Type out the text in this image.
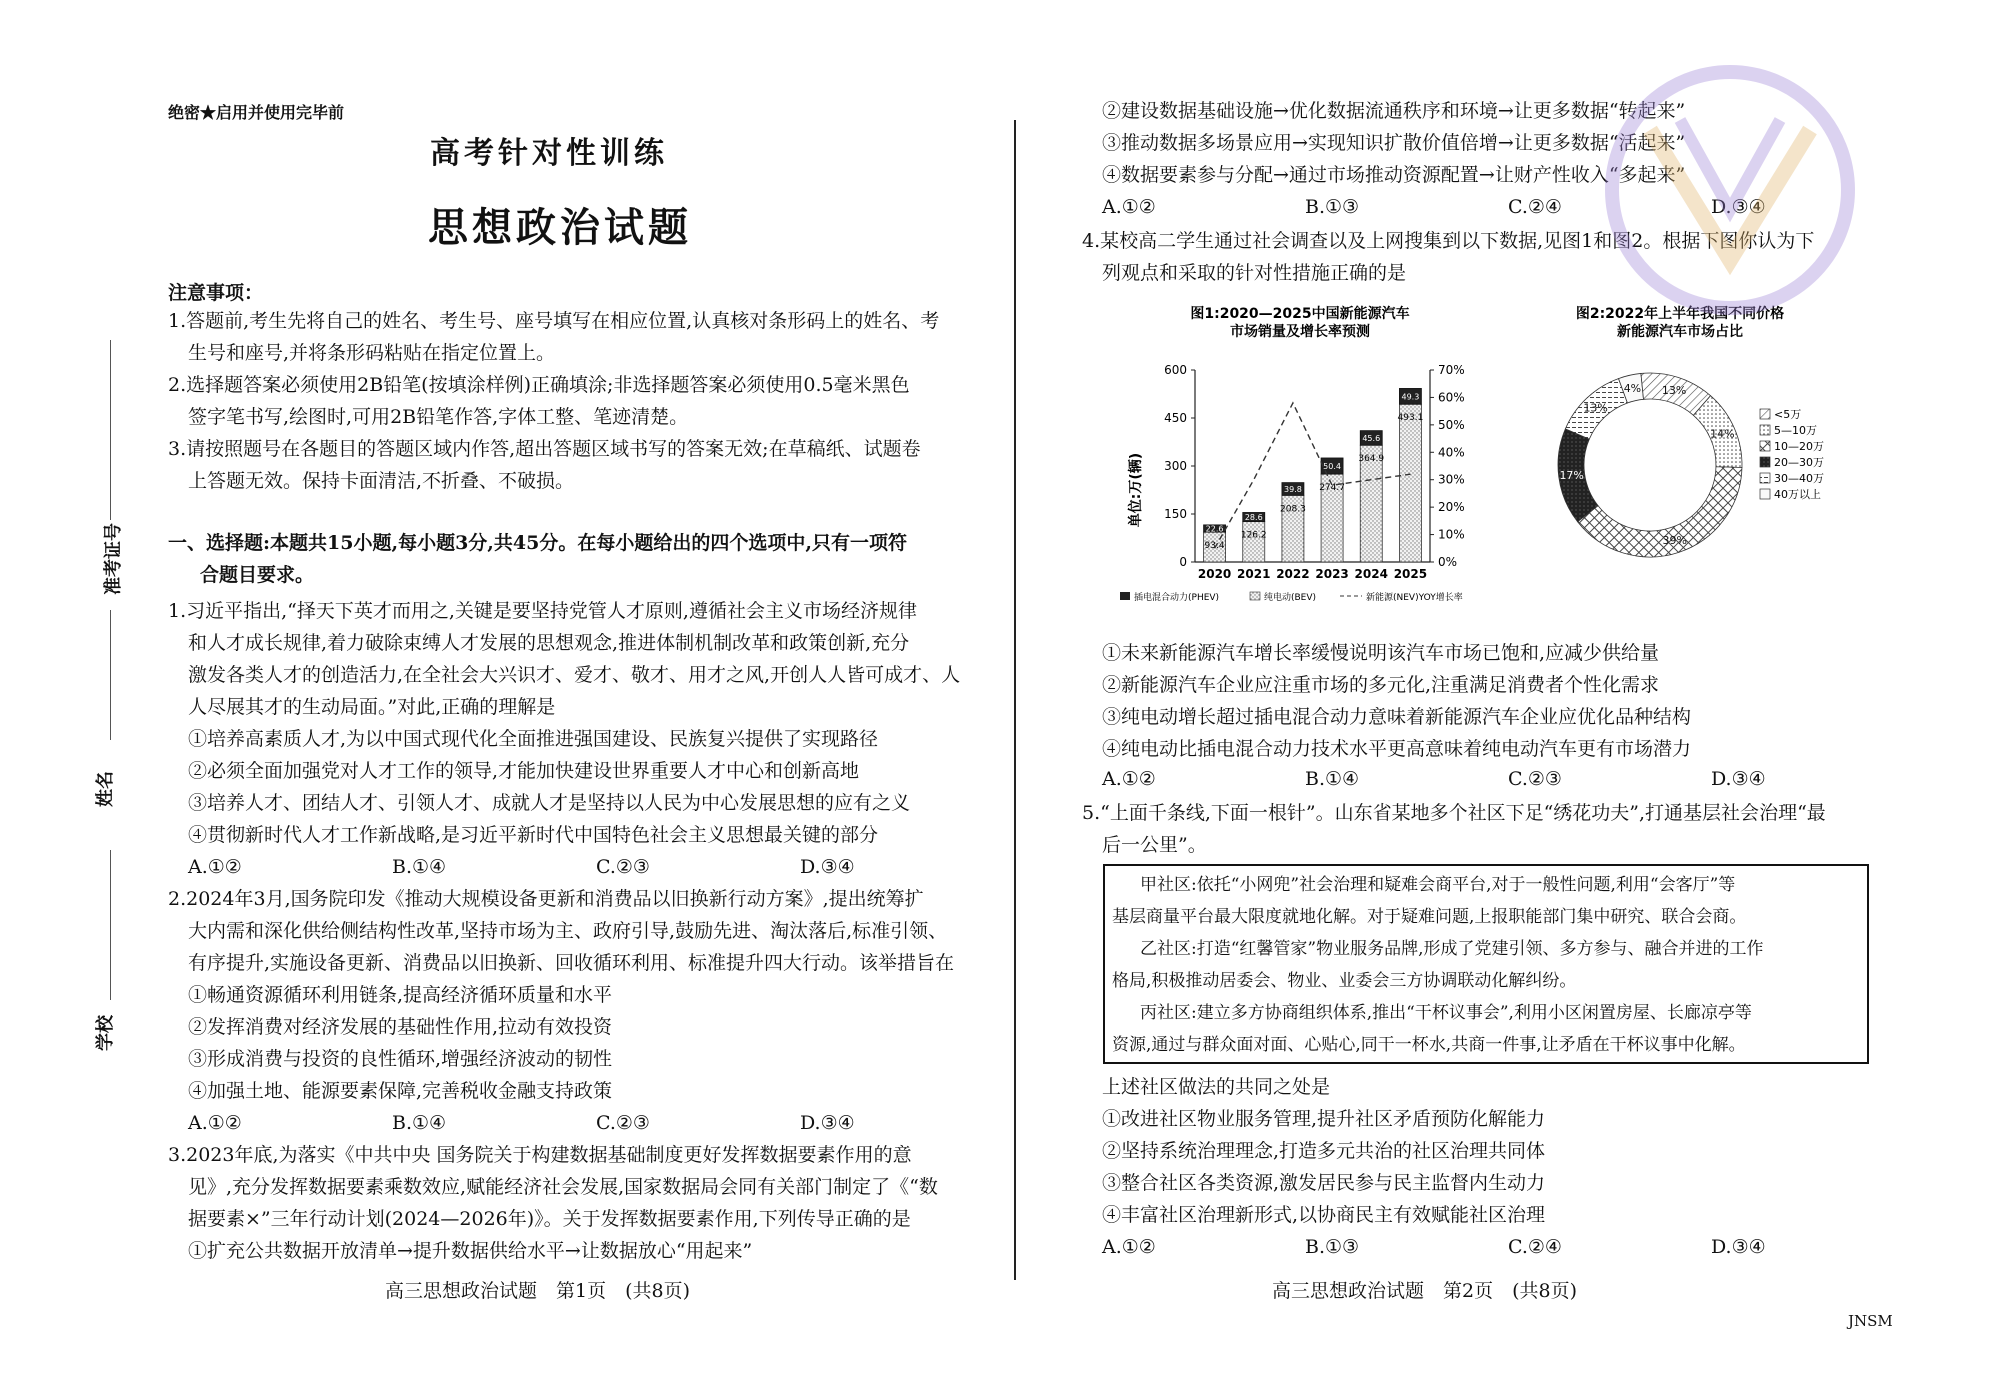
绝密★启用并使用完毕前
高考针对性训练
思想政治试题
准考证号
姓名
学校
注意事项：
1.答题前,考生先将自己的姓名、考生号、座号填写在相应位置,认真核对条形码上的姓名、考
生号和座号,并将条形码粘贴在指定位置上。
2.选择题答案必须使用2B铅笔(按填涂样例)正确填涂;非选择题答案必须使用0.5毫米黑色
签字笔书写,绘图时,可用2B铅笔作答,字体工整、笔迹清楚。
3.请按照题号在各题目的答题区域内作答,超出答题区域书写的答案无效;在草稿纸、试题卷
上答题无效。保持卡面清洁,不折叠、不破损。
一、选择题:本题共15小题,每小题3分,共45分。在每小题给出的四个选项中,只有一项符
合题目要求。
1.习近平指出,“择天下英才而用之,关键是要坚持党管人才原则,遵循社会主义市场经济规律
和人才成长规律,着力破除束缚人才发展的思想观念,推进体制机制改革和政策创新,充分
激发各类人才的创造活力,在全社会大兴识才、爱才、敬才、用才之风,开创人人皆可成才、人
人尽展其才的生动局面。”对此,正确的理解是
①培养高素质人才,为以中国式现代化全面推进强国建设、民族复兴提供了实现路径
②必须全面加强党对人才工作的领导,才能加快建设世界重要人才中心和创新高地
③培养人才、团结人才、引领人才、成就人才是坚持以人民为中心发展思想的应有之义
④贯彻新时代人才工作新战略,是习近平新时代中国特色社会主义思想最关键的部分
A.①②	B.①④	C.②③	D.③④
2.2024年3月,国务院印发《推动大规模设备更新和消费品以旧换新行动方案》,提出统筹扩
大内需和深化供给侧结构性改革,坚持市场为主、政府引导,鼓励先进、淘汰落后,标准引领、
有序提升,实施设备更新、消费品以旧换新、回收循环利用、标准提升四大行动。该举措旨在
①畅通资源循环利用链条,提高经济循环质量和水平
②发挥消费对经济发展的基础性作用,拉动有效投资
③形成消费与投资的良性循环,增强经济波动的韧性
④加强土地、能源要素保障,完善税收金融支持政策
A.①②	B.①④	C.②③	D.③④
3.2023年底,为落实《中共中央 国务院关于构建数据基础制度更好发挥数据要素作用的意
见》,充分发挥数据要素乘数效应,赋能经济社会发展,国家数据局会同有关部门制定了《“数
据要素×”三年行动计划(2024—2026年)》。关于发挥数据要素作用,下列传导正确的是
①扩充公共数据开放清单→提升数据供给水平→让数据放心“用起来”
高三思想政治试题　第1页　(共8页)
②建设数据基础设施→优化数据流通秩序和环境→让更多数据“转起来”
③推动数据多场景应用→实现知识扩散价值倍增→让更多数据“活起来”
④数据要素参与分配→通过市场推动资源配置→让财产性收入“多起来”
A.①②	B.①③	C.②④	D.③④
4.某校高二学生通过社会调查以及上网搜集到以下数据,见图1和图2。根据下图你认为下
列观点和采取的针对性措施正确的是
图1:2020—2025中国新能源汽车
市场销量及增长率预测
单位:万(辆)
0
150
300
450
600
0%
10%
20%
30%
40%
50%
60%
70%
2020 2021 2022 2023 2024 2025
22.6
93.4
28.6
126.2
39.8
208.3
50.4
274.7
45.6
364.9
49.3
493.1
插电混合动力(PHEV)	纯电动(BEV)	新能源(NEV)YOY增长率
图2:2022年上半年我国不同价格
新能源汽车市场占比
4% 13%
14%
39%
17%
13%	<5万
5—10万
10—20万
20—30万
30—40万
40万以上
①未来新能源汽车增长率缓慢说明该汽车市场已饱和,应减少供给量
②新能源汽车企业应注重市场的多元化,注重满足消费者个性化需求
③纯电动增长超过插电混合动力意味着新能源汽车企业应优化品种结构
④纯电动比插电混合动力技术水平更高意味着纯电动汽车更有市场潜力
A.①②	B.①④	C.②③	D.③④
5.“上面千条线,下面一根针”。山东省某地多个社区下足“绣花功夫”,打通基层社会治理“最
后一公里”。
甲社区:依托“小网兜”社会治理和疑难会商平台,对于一般性问题,利用“会客厅”等
基层商量平台最大限度就地化解。对于疑难问题,上报职能部门集中研究、联合会商。
乙社区:打造“红馨管家”物业服务品牌,形成了党建引领、多方参与、融合并进的工作
格局,积极推动居委会、物业、业委会三方协调联动化解纠纷。
丙社区:建立多方协商组织体系,推出“干杯议事会”,利用小区闲置房屋、长廊凉亭等
资源,通过与群众面对面、心贴心,同干一杯水,共商一件事,让矛盾在干杯议事中化解。
上述社区做法的共同之处是
①改进社区物业服务管理,提升社区矛盾预防化解能力
②坚持系统治理理念,打造多元共治的社区治理共同体
③整合社区各类资源,激发居民参与民主监督内生动力
④丰富社区治理新形式,以协商民主有效赋能社区治理
A.①②	B.①③	C.②④	D.③④
高三思想政治试题　第2页　(共8页)
JNSM
